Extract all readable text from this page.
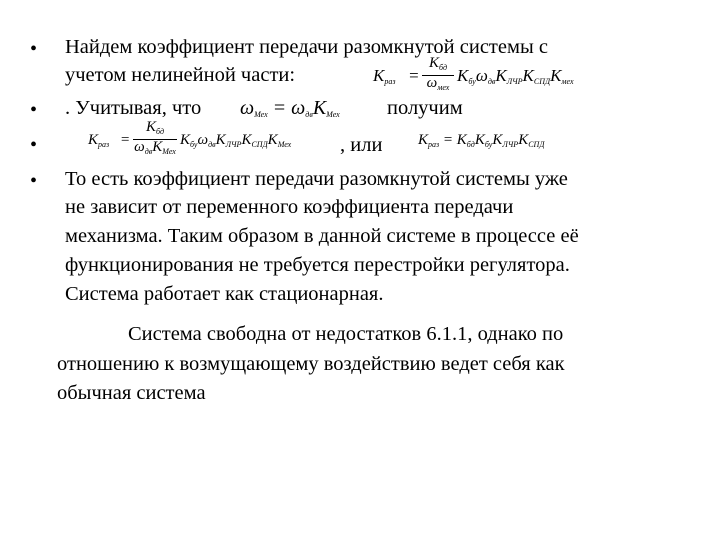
• Найдем коэффициент передачи разомкнутой системы с
учетом нелинейной части:	$K_{раз}$ =
$K_{бд}$
$\omega_{мех}$
$K_{бу}\omega_{дв}K_{ЛЧР}K_{СПД}K_{мех}$
• . Учитывая, что $\omega_{Мех} = \omega_{дв}K_{Мех}$ получим
•	$K_{раз}$ =
$K_{бд}$
$\omega_{дв}K_{Мех}$
$K_{бу}\omega_{дв}K_{ЛЧР}K_{СПД}K_{Мех}$ , или $K_{раз} = K_{бд}K_{бу}K_{ЛЧР}K_{СПД}$
• То есть коэффициент передачи разомкнутой системы уже
не зависит от переменного коэффициента передачи
механизма. Таким образом в данной системе в процессе её
функционирования не требуется перестройки регулятора.
Система работает как стационарная.
Система свободна от недостатков 6.1.1, однако по
отношению к возмущающему воздействию ведет себя как
обычная система
